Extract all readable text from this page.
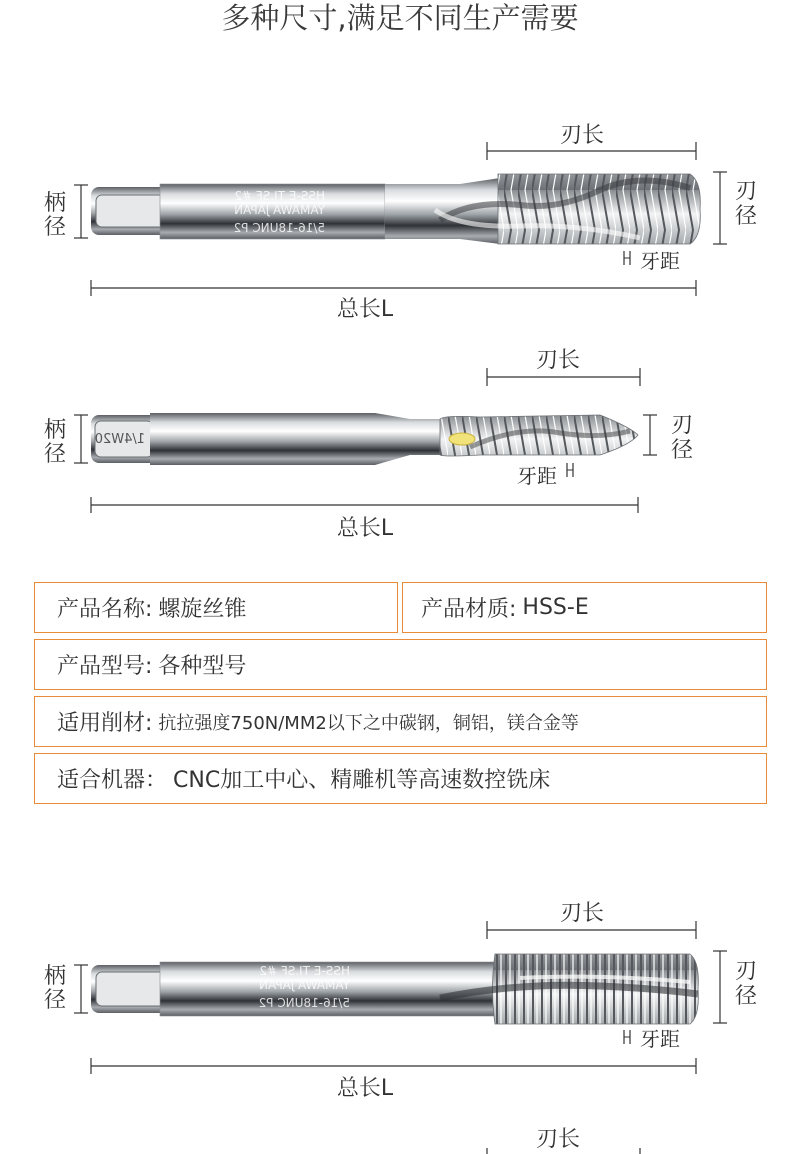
多种尺寸,满足不同生产需要
刃长
柄
径
刃
径
5/16-18UNC P2
YAMAWA JAPAN
HSS-E TI.SF #2
牙距
总长L
刃长
柄
径
刃
径
1/4W20
牙距
总长L
产品名称: 螺旋丝锥	产品材质: HSS-E
产品型号: 各种型号
适用削材: 抗拉强度750N/MM2以下之中碳钢，铜铝，镁合金等
适合机器： CNC加工中心、精雕机等高速数控铣床
刃长
柄
径
刃
径
5/16-18UNC P2
YAMAWA JAPAN
HSS-E TI.SF #2
牙距
总长L
刃长
